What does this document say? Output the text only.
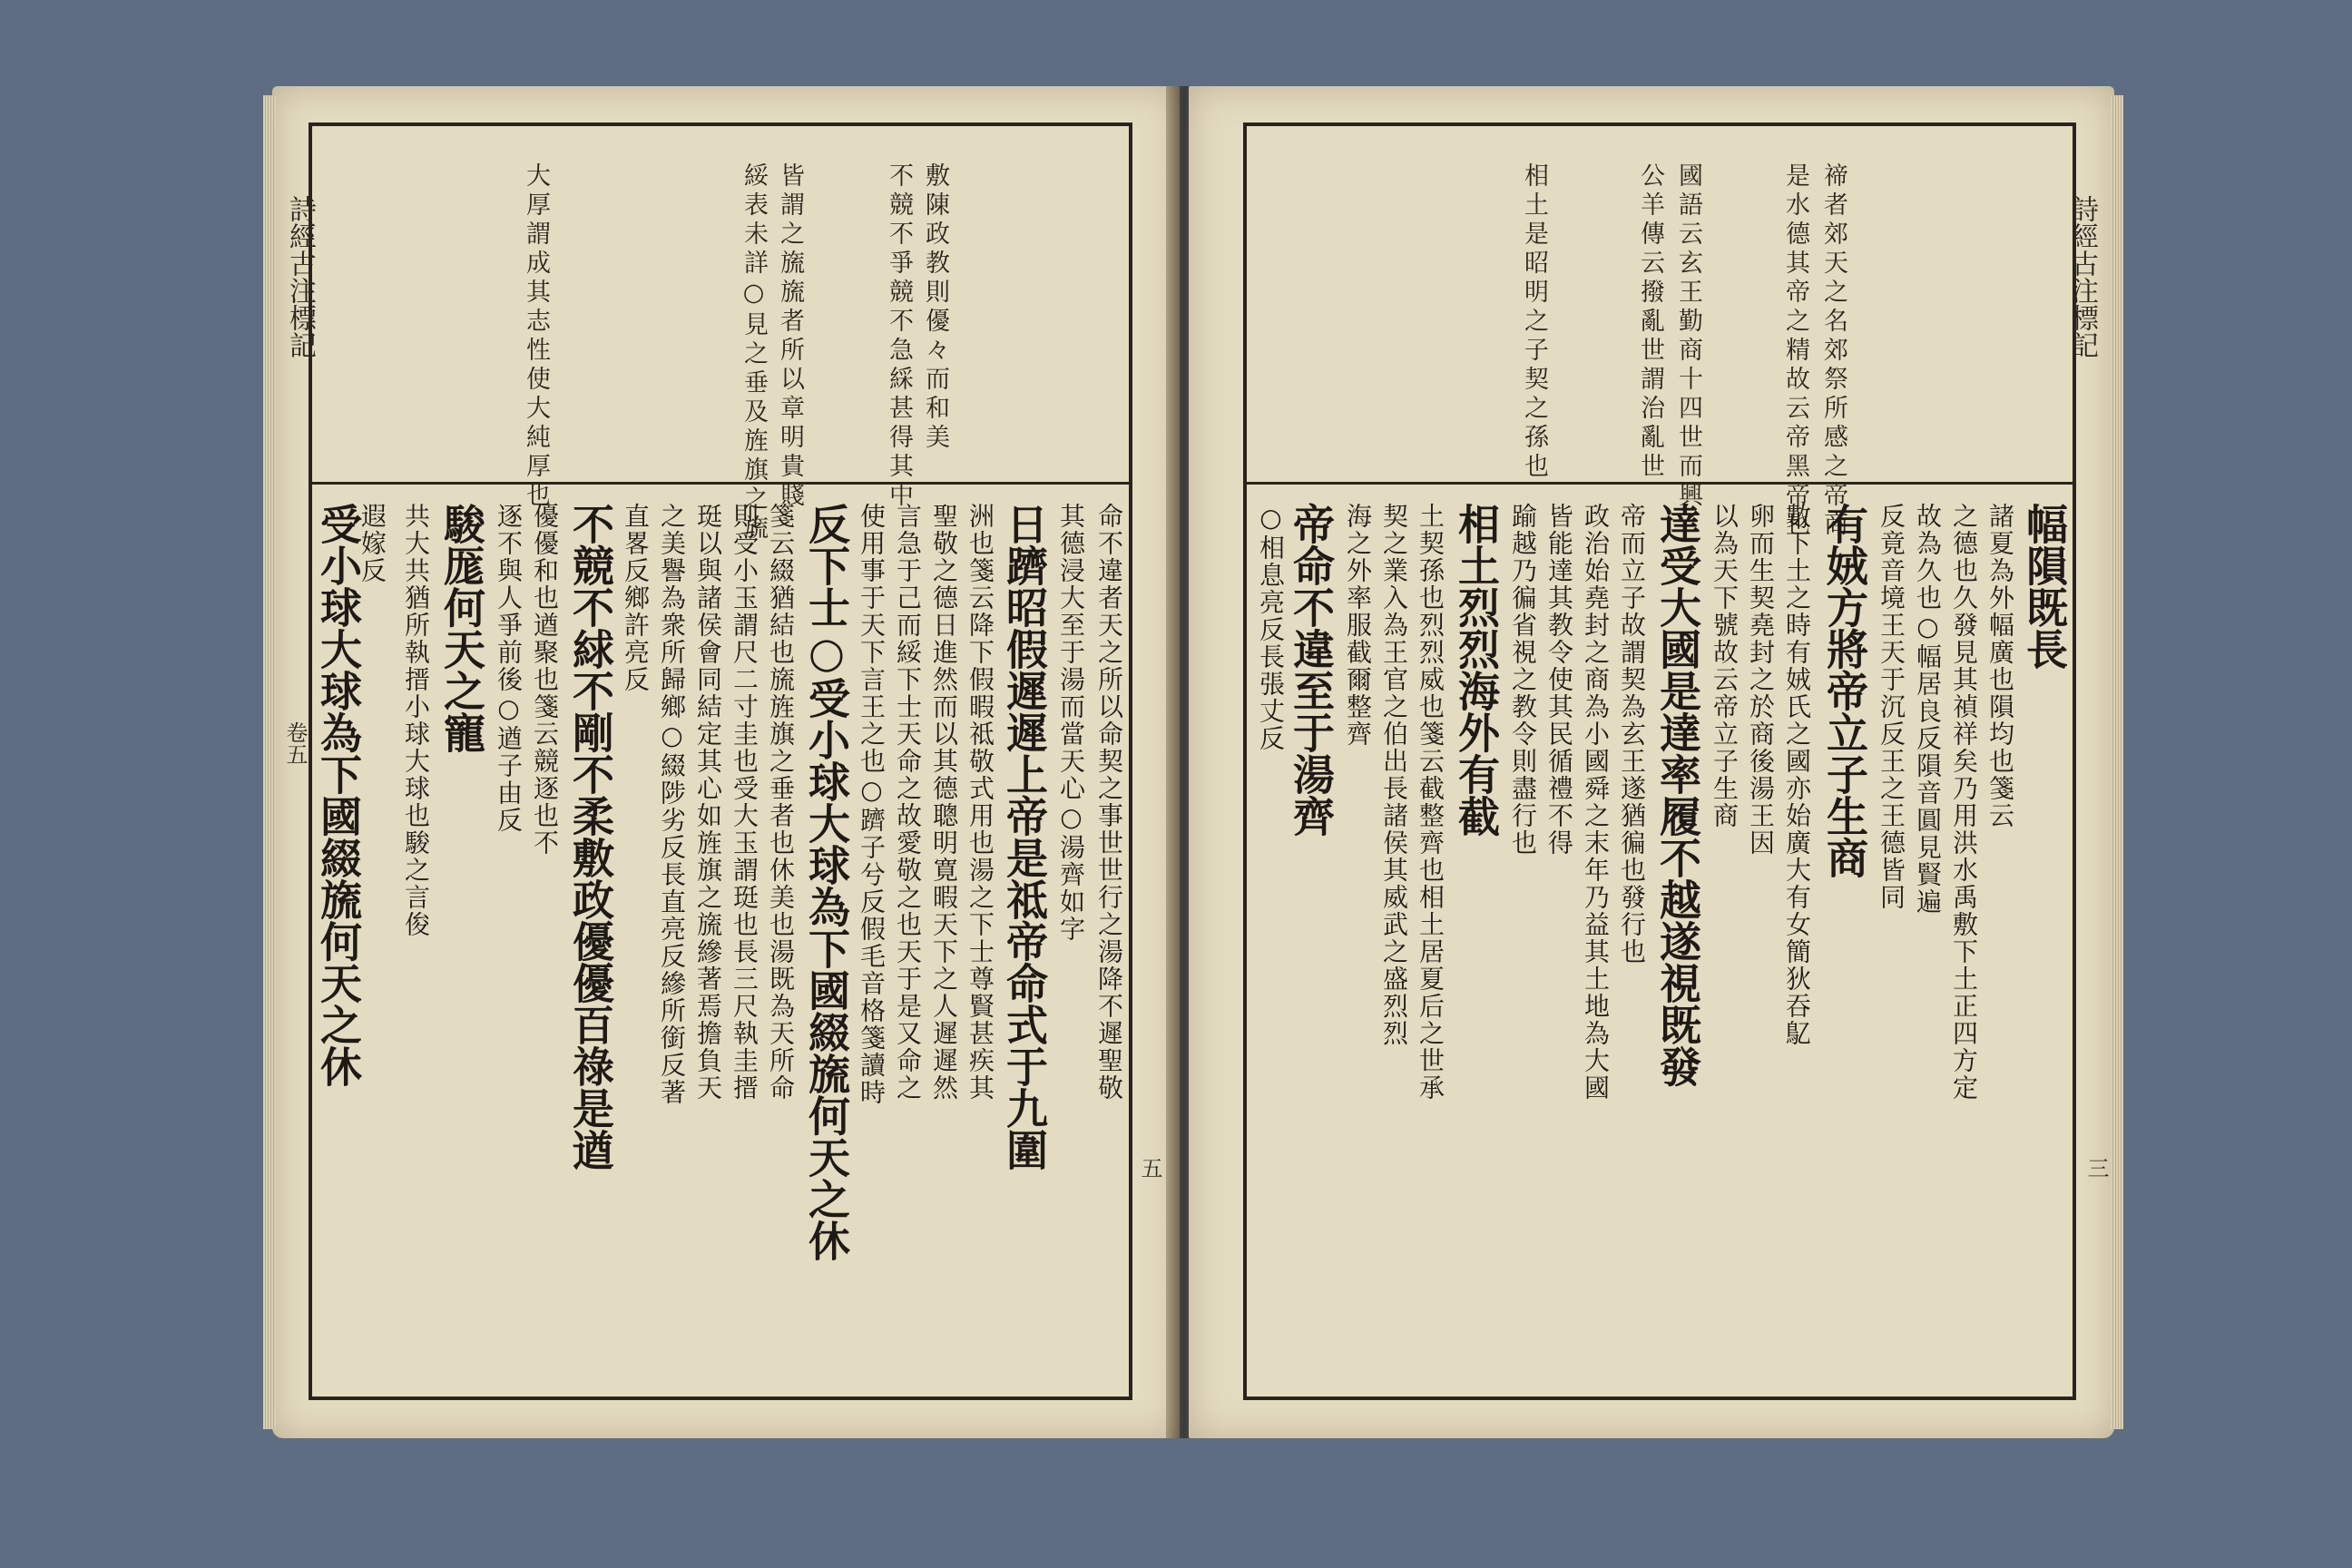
詩經古注標記	大厚謂成其志性使大純厚也	綏表未詳○見之垂及旌旗之旒 皆謂之旒旒者所以章明貴賤	不競不爭競不急綵甚得其中 敷陳政教則優々而和美
命不違者天之所以命契之事世世行之湯降不遲聖敬
其德浸大至于湯而當天心○湯齊如字
日躋昭假遲遲上帝是祗帝命式于九圍
洲也箋云降下假暇祗敬式用也湯之下士尊賢甚疾其
聖敬之德日進然而以其德聰明寛暇天下之人遲遲然
言急于己而綏下士天命之故愛敬之也天于是又命之
使用事于天下言王之也○躋子兮反假毛音格箋讀時
反下士○受小球大球為下國綴旒何天之休
箋云綴猶結也旒旌旗之垂者也休美也湯既為天所命
則受小玉謂尺二寸圭也受大玉謂珽也長三尺執圭搢
珽以與諸侯會同結定其心如旌旗之旒縿著焉擔負天
之美譽為衆所歸鄉○綴陟劣反長直亮反縿所銜反著
直畧反鄉許亮反
不競不絿不剛不柔敷政優優百祿是遒
優優和也遒聚也箋云競逐也不
逐不與人爭前後○遒子由反
駿厖何天之寵
共大共猶所執搢小球大球也駿之言俊
遐嫁反
受小球大球為下國綴旒何天之休
五
卷五
詩經古注標記
禘者郊天之名郊祭所感之帝商
是水德其帝之精故云帝黑帝也
國語云玄王勤商十四世而興
公羊傳云撥亂世謂治亂世
相土是昭明之子契之孫也
幅隕既長
諸夏為外幅廣也隕均也箋云
之德也久發見其禎祥矣乃用洪水禹敷下土正四方定
故為久也○幅居良反隕音圓見賢遍
反竟音境王天于沉反王之王德皆同
有娀方將帝立子生商
數下土之時有娀氏之國亦始廣大有女簡狄吞鳦
卵而生契堯封之於商後湯王因
以為天下號故云帝立子生商
達受大國是達率履不越遂視既發
帝而立子故謂契為玄王遂猶徧也發行也
政治始堯封之商為小國舜之末年乃益其土地為大國
皆能達其教令使其民循禮不得
踰越乃徧省視之教令則盡行也
相土烈烈海外有截
土契孫也烈烈威也箋云截整齊也相土居夏后之世承
契之業入為王官之伯出長諸侯其威武之盛烈烈
海之外率服截爾整齊
帝命不違至于湯齊
○相息亮反長張丈反
三
